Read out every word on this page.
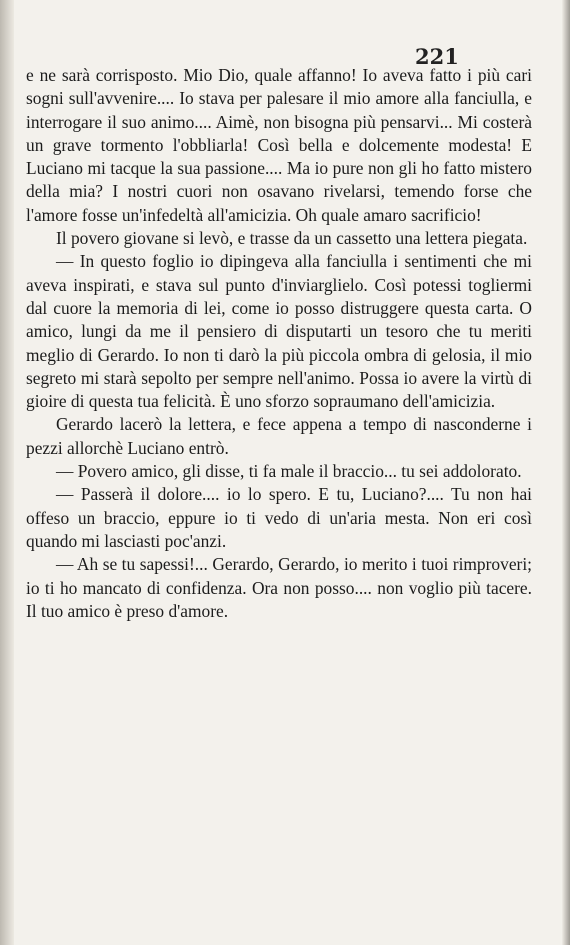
221

e ne sarà corrisposto. Mio Dio, quale affanno! Io aveva fatto i più cari sogni sull'avvenire.... Io stava per palesare il mio amore alla fanciulla, e interrogare il suo animo.... Aimè, non bisogna più pensarvi... Mi costerà un grave tormento l'obbliarla! Così bella e dolcemente modesta! E Luciano mi tacque la sua passione.... Ma io pure non gli ho fatto mistero della mia? I nostri cuori non osavano rivelarsi, temendo forse che l'amore fosse un'infedeltà all'amicizia. Oh quale amaro sacrificio!

Il povero giovane si levò, e trasse da un cassetto una lettera piegata.

— In questo foglio io dipingeva alla fanciulla i sentimenti che mi aveva inspirati, e stava sul punto d'inviarglielo. Così potessi togliermi dal cuore la memoria di lei, come io posso distruggere questa carta. O amico, lungi da me il pensiero di disputarti un tesoro che tu meriti meglio di Gerardo. Io non ti darò la più piccola ombra di gelosia, il mio segreto mi starà sepolto per sempre nell'animo. Possa io avere la virtù di gioire di questa tua felicità. È uno sforzo sopraumano dell'amicizia.

Gerardo lacerò la lettera, e fece appena a tempo di nasconderne i pezzi allorchè Luciano entrò.

— Povero amico, gli disse, ti fa male il braccio... tu sei addolorato.

— Passerà il dolore.... io lo spero. E tu, Luciano?.... Tu non hai offeso un braccio, eppure io ti vedo di un'aria mesta. Non eri così quando mi lasciasti poc'anzi.

— Ah se tu sapessi!... Gerardo, Gerardo, io merito i tuoi rimproveri; io ti ho mancato di confidenza. Ora non posso.... non voglio più tacere. Il tuo amico è preso d'amore.
